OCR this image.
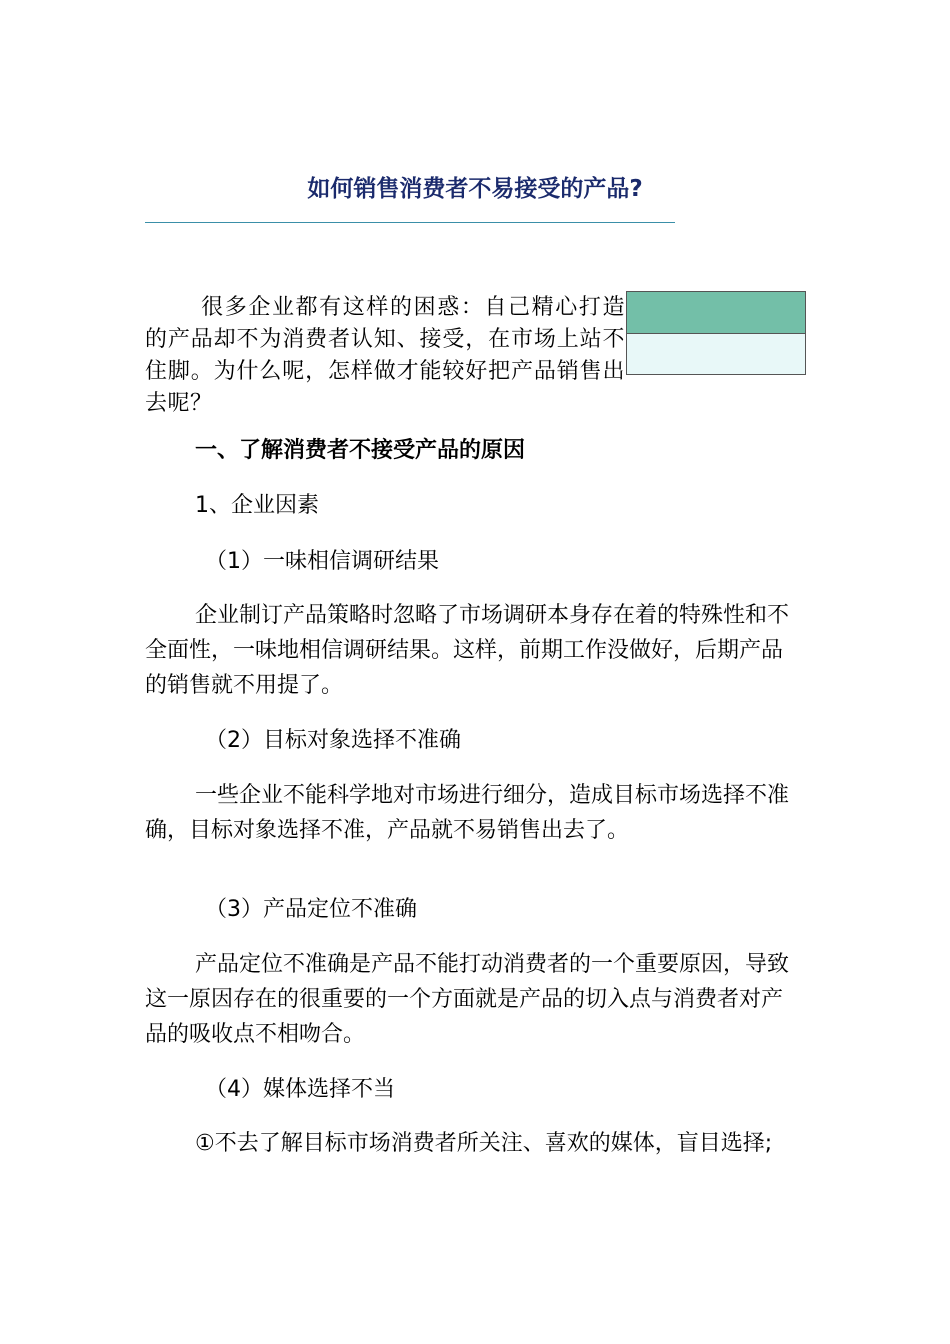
如何销售消费者不易接受的产品?
很多企业都有这样的困惑：自己精心打造的产品却不为消费者认知、接受，在市场上站不住脚。为什么呢，怎样做才能较好把产品销售出去呢？
一、了解消费者不接受产品的原因
1、企业因素
（1）一味相信调研结果
企业制订产品策略时忽略了市场调研本身存在着的特殊性和不全面性，一味地相信调研结果。这样，前期工作没做好，后期产品的销售就不用提了。
（2）目标对象选择不准确
一些企业不能科学地对市场进行细分，造成目标市场选择不准确，目标对象选择不准，产品就不易销售出去了。
（3）产品定位不准确
产品定位不准确是产品不能打动消费者的一个重要原因，导致这一原因存在的很重要的一个方面就是产品的切入点与消费者对产品的吸收点不相吻合。
（4）媒体选择不当
①不去了解目标市场消费者所关注、喜欢的媒体，盲目选择;
